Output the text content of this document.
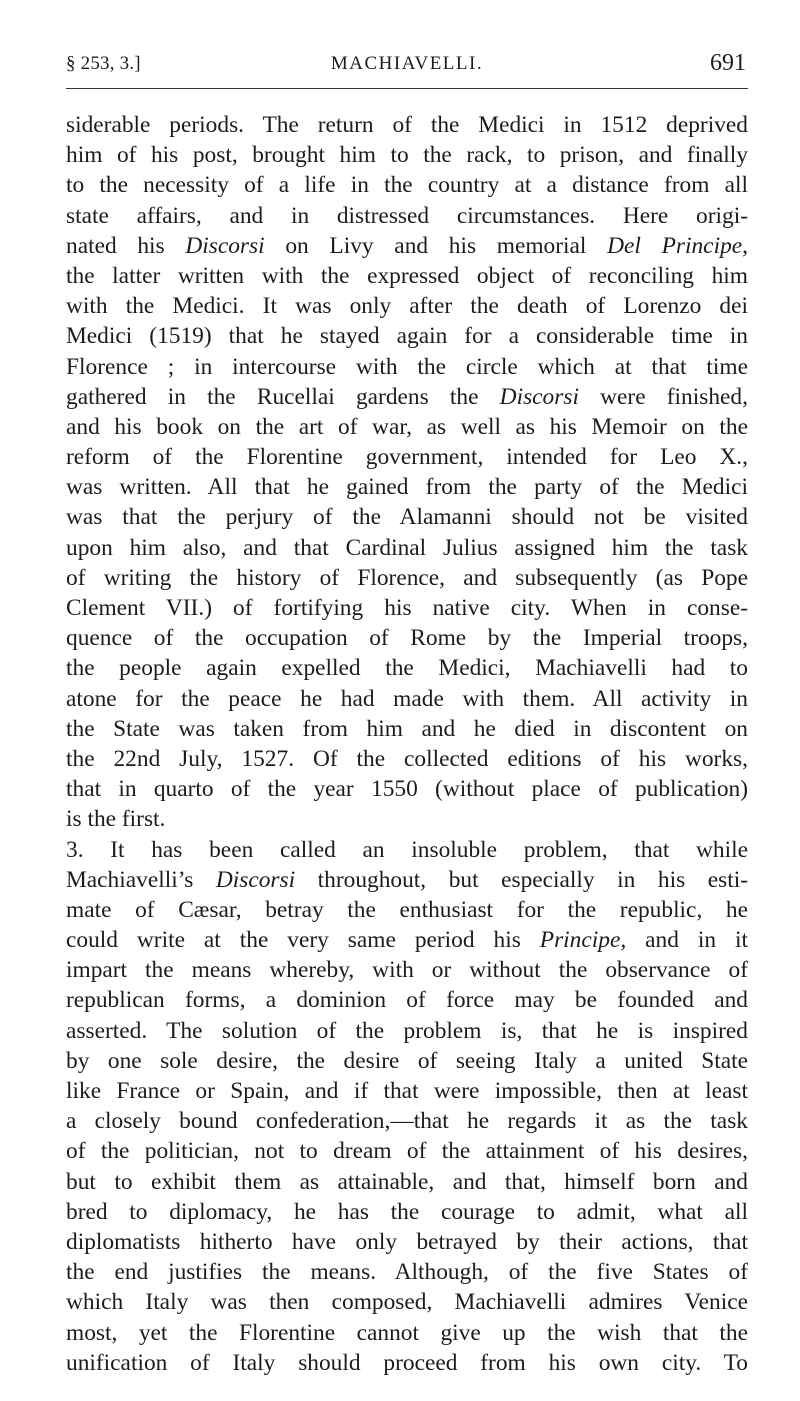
§ 253, 3.]	MACHIAVELLI.	691
siderable periods. The return of the Medici in 1512 deprived
him of his post, brought him to the rack, to prison, and finally
to the necessity of a life in the country at a distance from all
state affairs, and in distressed circumstances. Here origi-
nated his Discorsi on Livy and his memorial Del Principe,
the latter written with the expressed object of reconciling him
with the Medici. It was only after the death of Lorenzo dei
Medici (1519) that he stayed again for a considerable time in
Florence ; in intercourse with the circle which at that time
gathered in the Rucellai gardens the Discorsi were finished,
and his book on the art of war, as well as his Memoir on the
reform of the Florentine government, intended for Leo X.,
was written. All that he gained from the party of the Medici
was that the perjury of the Alamanni should not be visited
upon him also, and that Cardinal Julius assigned him the task
of writing the history of Florence, and subsequently (as Pope
Clement VII.) of fortifying his native city. When in conse-
quence of the occupation of Rome by the Imperial troops,
the people again expelled the Medici, Machiavelli had to
atone for the peace he had made with them. All activity in
the State was taken from him and he died in discontent on
the 22nd July, 1527. Of the collected editions of his works,
that in quarto of the year 1550 (without place of publication)
is the first.
3. It has been called an insoluble problem, that while
Machiavelli’s Discorsi throughout, but especially in his esti-
mate of Cæsar, betray the enthusiast for the republic, he
could write at the very same period his Principe, and in it
impart the means whereby, with or without the observance of
republican forms, a dominion of force may be founded and
asserted. The solution of the problem is, that he is inspired
by one sole desire, the desire of seeing Italy a united State
like France or Spain, and if that were impossible, then at least
a closely bound confederation,—that he regards it as the task
of the politician, not to dream of the attainment of his desires,
but to exhibit them as attainable, and that, himself born and
bred to diplomacy, he has the courage to admit, what all
diplomatists hitherto have only betrayed by their actions, that
the end justifies the means. Although, of the five States of
which Italy was then composed, Machiavelli admires Venice
most, yet the Florentine cannot give up the wish that the
unification of Italy should proceed from his own city. To
